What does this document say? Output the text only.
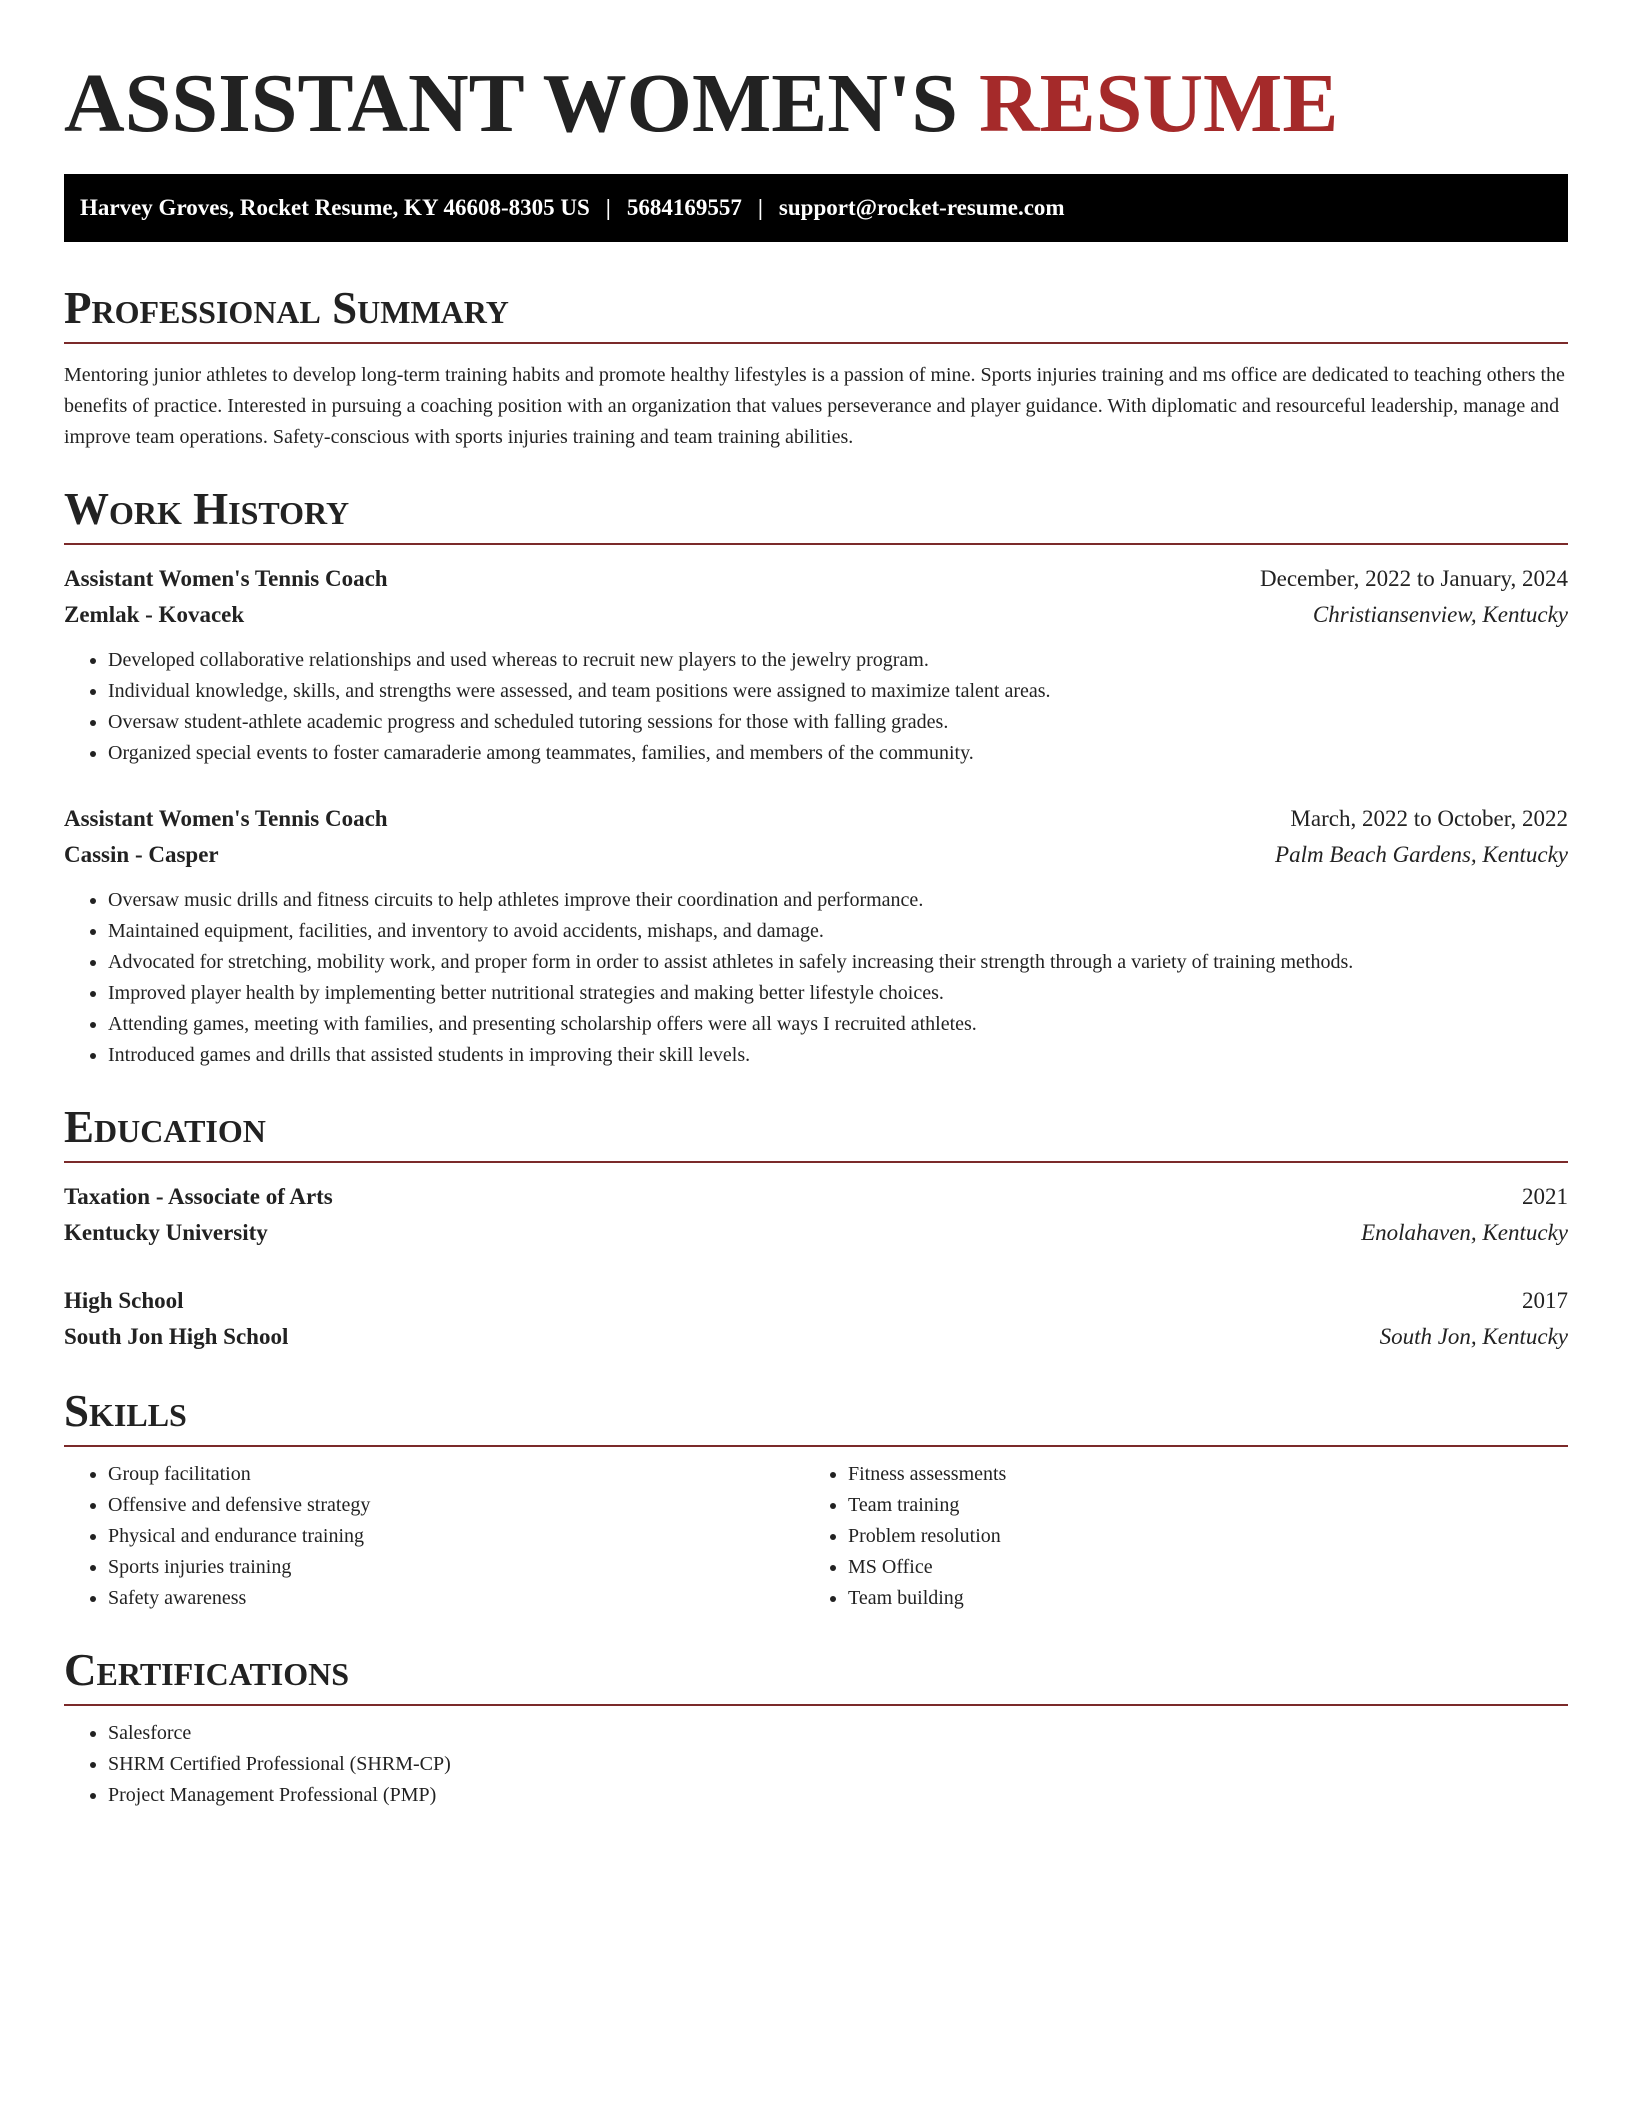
ASSISTANT WOMEN'S RESUME
Harvey Groves, Rocket Resume, KY 46608-8305 US | 5684169557 | support@rocket-resume.com
Professional Summary

Mentoring junior athletes to develop long-term training habits and promote healthy lifestyles is a passion of mine. Sports injuries training and ms office are dedicated to teaching others the benefits of practice. Interested in pursuing a coaching position with an organization that values perseverance and player guidance. With diplomatic and resourceful leadership, manage and improve team operations. Safety-conscious with sports injuries training and team training abilities.

Work History
Assistant Women's Tennis Coach	December, 2022 to January, 2024
Zemlak - Kovacek	Christiansenview, Kentucky
• Developed collaborative relationships and used whereas to recruit new players to the jewelry program.
• Individual knowledge, skills, and strengths were assessed, and team positions were assigned to maximize talent areas.
• Oversaw student-athlete academic progress and scheduled tutoring sessions for those with falling grades.
• Organized special events to foster camaraderie among teammates, families, and members of the community.
Assistant Women's Tennis Coach	March, 2022 to October, 2022
Cassin - Casper	Palm Beach Gardens, Kentucky
• Oversaw music drills and fitness circuits to help athletes improve their coordination and performance.
• Maintained equipment, facilities, and inventory to avoid accidents, mishaps, and damage.
• Advocated for stretching, mobility work, and proper form in order to assist athletes in safely increasing their strength through a variety of training methods.
• Improved player health by implementing better nutritional strategies and making better lifestyle choices.
• Attending games, meeting with families, and presenting scholarship offers were all ways I recruited athletes.
• Introduced games and drills that assisted students in improving their skill levels.
Education
Taxation - Associate of Arts	2021
Kentucky University	Enolahaven, Kentucky
High School	2017
South Jon High School	South Jon, Kentucky
Skills
• Group facilitation
• Offensive and defensive strategy
• Physical and endurance training
• Sports injuries training
• Safety awareness
• Fitness assessments
• Team training
• Problem resolution
• MS Office
• Team building
Certifications
• Salesforce
• SHRM Certified Professional (SHRM-CP)
• Project Management Professional (PMP)
